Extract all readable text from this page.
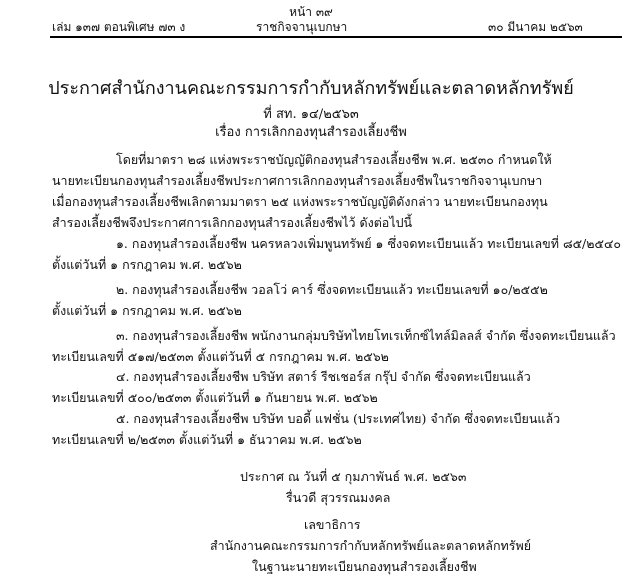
หน้า ๓๙
เล่ม ๑๓๗ ตอนพิเศษ ๗๓ ง	ราชกิจจานุเบกษา	๓๐ มีนาคม ๒๕๖๓
ประกาศสำนักงานคณะกรรมการกำกับหลักทรัพย์และตลาดหลักทรัพย์
ที่ สท. ๑๔/๒๕๖๓
เรื่อง การเลิกกองทุนสำรองเลี้ยงชีพ
โดยที่มาตรา ๒๘ แห่งพระราชบัญญัติกองทุนสำรองเลี้ยงชีพ พ.ศ. ๒๕๓๐ กำหนดให้
นายทะเบียนกองทุนสำรองเลี้ยงชีพประกาศการเลิกกองทุนสำรองเลี้ยงชีพในราชกิจจานุเบกษา
เมื่อกองทุนสำรองเลี้ยงชีพเลิกตามมาตรา ๒๕ แห่งพระราชบัญญัติดังกล่าว นายทะเบียนกองทุน
สำรองเลี้ยงชีพจึงประกาศการเลิกกองทุนสำรองเลี้ยงชีพไว้ ดังต่อไปนี้
๑. กองทุนสำรองเลี้ยงชีพ นครหลวงเพิ่มพูนทรัพย์ ๑ ซึ่งจดทะเบียนแล้ว ทะเบียนเลขที่ ๘๕/๒๕๔๐
ตั้งแต่วันที่ ๑ กรกฎาคม พ.ศ. ๒๕๖๒
๒. กองทุนสำรองเลี้ยงชีพ วอลโว่ คาร์ ซึ่งจดทะเบียนแล้ว ทะเบียนเลขที่ ๑๐/๒๕๕๒
ตั้งแต่วันที่ ๑ กรกฎาคม พ.ศ. ๒๕๖๒
๓. กองทุนสำรองเลี้ยงชีพ พนักงานกลุ่มบริษัทไทยโทเรเท็กซ์ไทล์มิลลส์ จำกัด ซึ่งจดทะเบียนแล้ว
ทะเบียนเลขที่ ๕๑๗/๒๕๓๓ ตั้งแต่วันที่ ๕ กรกฎาคม พ.ศ. ๒๕๖๒
๔. กองทุนสำรองเลี้ยงชีพ บริษัท สตาร์ รีชเชอร์ส กรุ๊ป จำกัด ซึ่งจดทะเบียนแล้ว
ทะเบียนเลขที่ ๕๐๐/๒๕๓๓ ตั้งแต่วันที่ ๑ กันยายน พ.ศ. ๒๕๖๒
๕. กองทุนสำรองเลี้ยงชีพ บริษัท บอดี้ แฟชั่น (ประเทศไทย) จำกัด ซึ่งจดทะเบียนแล้ว
ทะเบียนเลขที่ ๒/๒๕๓๓ ตั้งแต่วันที่ ๑ ธันวาคม พ.ศ. ๒๕๖๒
ประกาศ ณ วันที่ ๕ กุมภาพันธ์ พ.ศ. ๒๕๖๓
รื่นวดี สุวรรณมงคล
เลขาธิการ
สำนักงานคณะกรรมการกำกับหลักทรัพย์และตลาดหลักทรัพย์
ในฐานะนายทะเบียนกองทุนสำรองเลี้ยงชีพ
